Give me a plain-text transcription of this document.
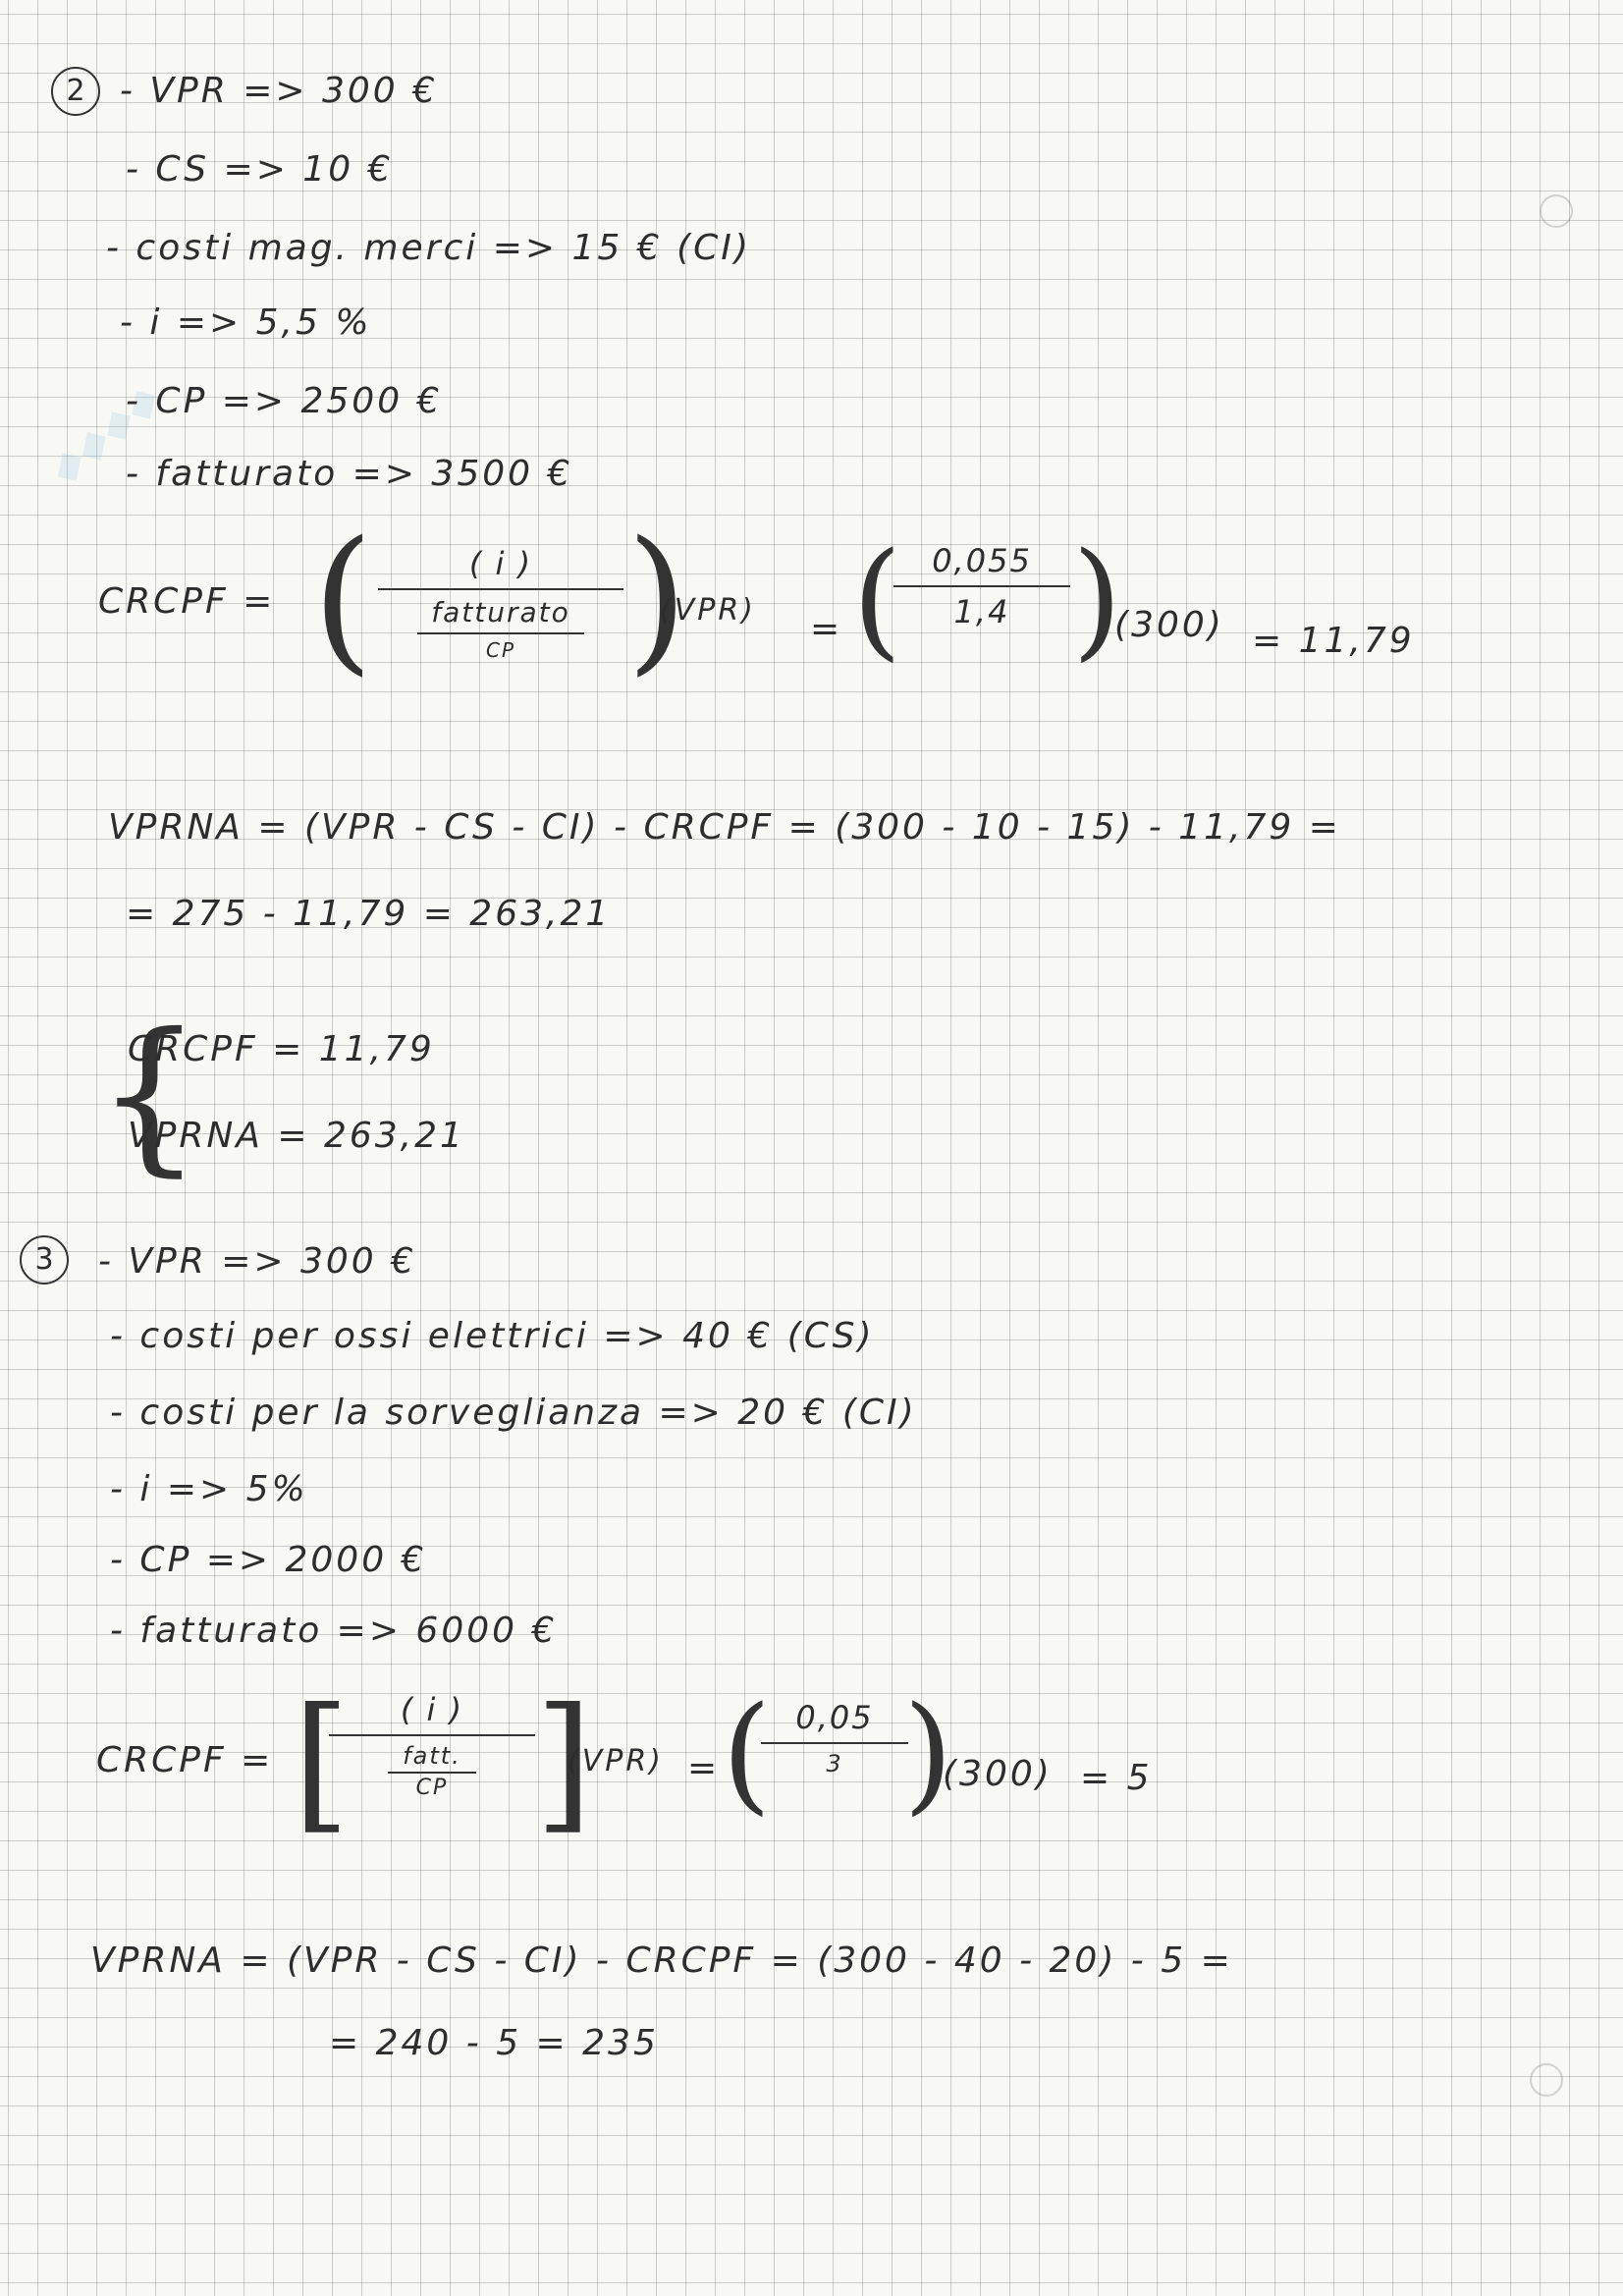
◆◆◆◆
2 - VPR => 300 €
- CS => 10 €
- costi mag. merci => 15 € (CI)
- i => 5,5 %
- CP => 2500 €
- fatturato => 3500 €
CRCPF = (	( i )
fatturato
CP )
(VPR) = ( 0,055
1,4 )
(300) = 11,79
VPRNA = (VPR - CS - CI) - CRCPF = (300 - 10 - 15) - 11,79 =
= 275 - 11,79 = 263,21
{
CRCPF = 11,79
VPRNA = 263,21
3	- VPR => 300 €
- costi per ossi elettrici => 40 € (CS)
- costi per la sorveglianza => 20 € (CI)
- i => 5%
- CP => 2000 €
- fatturato => 6000 €
CRCPF = [	( i )
fatt.
CP ]
(VPR) = ( 0,05
3 )
(300) = 5
VPRNA = (VPR - CS - CI) - CRCPF = (300 - 40 - 20) - 5 =
= 240 - 5 = 235
